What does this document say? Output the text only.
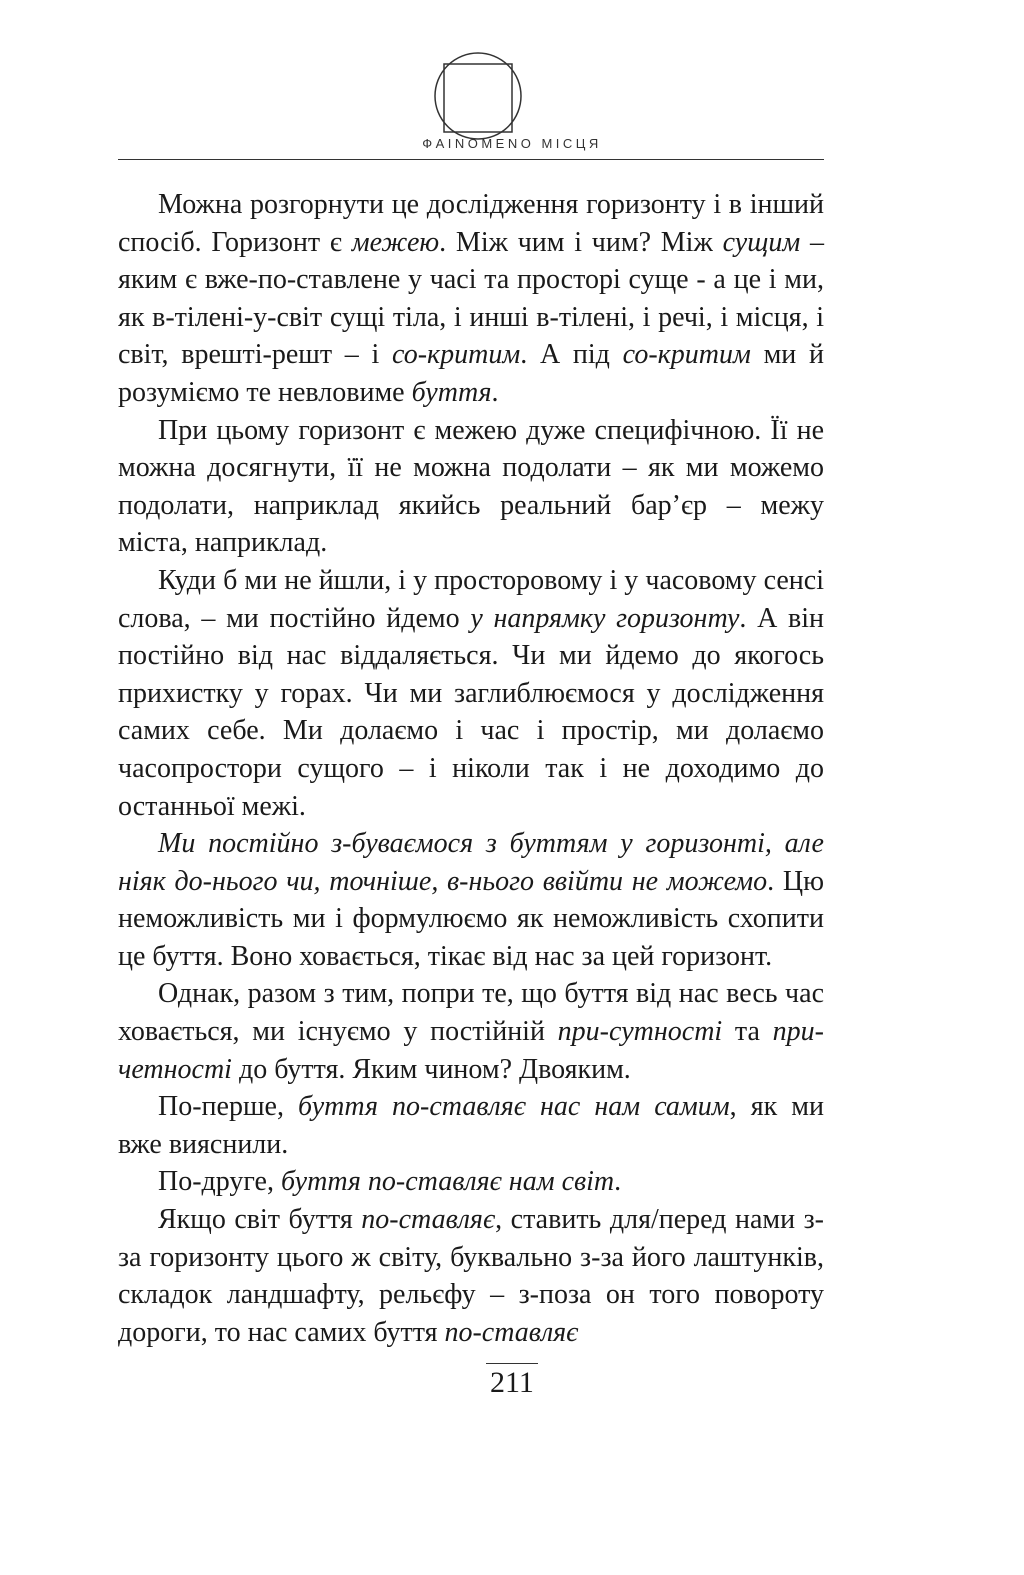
ФAINOMENO МІСЦЯ

Можна розгорнути це дослідження горизонту і в інший спосіб. Горизонт є межею. Між чим і чим? Між сущим – яким є вже-по-ставлене у часі та просторі суще - а це і ми, як в-тілені-у-світ сущі тіла, і инші в-тілені, і речі, і місця, і світ, врешті-решт – і со-критим. А під со-критим ми й розуміємо те невловиме буття.

При цьому горизонт є межею дуже специфічною. Її не можна досягнути, її не можна подолати – як ми можемо подолати, наприклад якийсь реальний бар’єр – межу міста, наприклад.

Куди б ми не йшли, і у просторовому і у часовому сенсі слова, – ми постійно йдемо у напрямку горизонту. А він постійно від нас віддаляється. Чи ми йдемо до якогось прихистку у горах. Чи ми заглиблюємося у дослідження самих себе. Ми долаємо і час і простір, ми долаємо часопростори сущого – і ніколи так і не доходимо до останньої межі.

Ми постійно з-буваємося з буттям у горизонті, але ніяк до-нього чи, точніше, в-нього ввійти не можемо. Цю неможливість ми і формулюємо як неможливість схопити це буття. Воно ховається, тікає від нас за цей горизонт.

Однак, разом з тим, попри те, що буття від нас весь час ховається, ми існуємо у постійній при-сутності та при-четності до буття. Яким чином? Двояким.

По-перше, буття по-ставляє нас нам самим, як ми вже вияснили.

По-друге, буття по-ставляє нам світ.

Якщо світ буття по-ставляє, ставить для/перед нами з-за горизонту цього ж світу, буквально з-за його лаштунків, складок ландшафту, рельєфу – з-поза он того повороту дороги, то нас самих буття по-ставляє

211
